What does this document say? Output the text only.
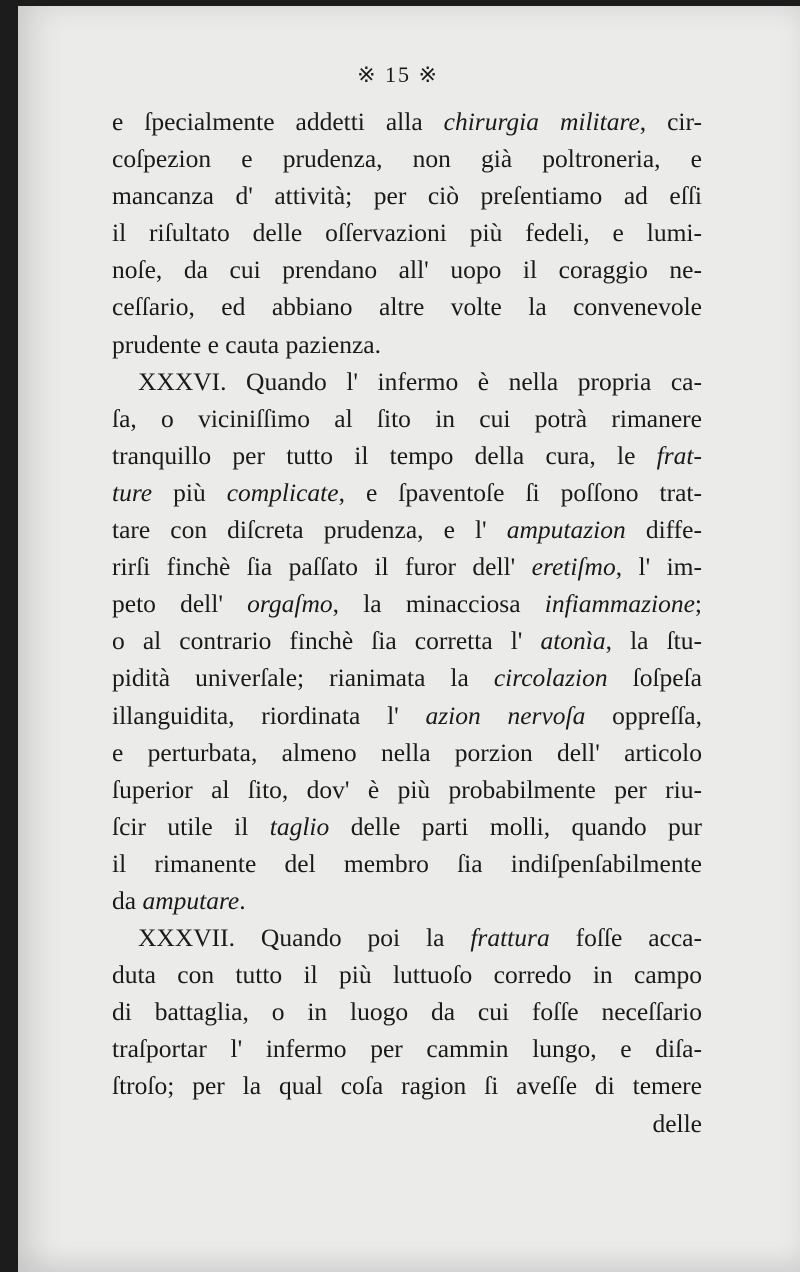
※ 15 ※
e ſpecialmente addetti alla chirurgia militare, cir-
coſpezion e prudenza, non già poltroneria, e
mancanza d' attività; per ciò preſentiamo ad eſſi
il riſultato delle oſſervazioni più fedeli, e lumi-
noſe, da cui prendano all' uopo il coraggio ne-
ceſſario, ed abbiano altre volte la convenevole
prudente e cauta pazienza.
XXXVI. Quando l' infermo è nella propria ca-
ſa, o viciniſſimo al ſito in cui potrà rimanere
tranquillo per tutto il tempo della cura, le frat-
ture più complicate, e ſpaventoſe ſi poſſono trat-
tare con diſcreta prudenza, e l' amputazion diffe-
rirſi finchè ſia paſſato il furor dell' eretiſmo, l' im-
peto dell' orgaſmo, la minacciosa infiammazione;
o al contrario finchè ſia corretta l' atonìa, la ſtu-
pidità univerſale; rianimata la circolazion ſoſpeſa
illanguidita, riordinata l' azion nervoſa oppreſſa,
e perturbata, almeno nella porzion dell' articolo
ſuperior al ſito, dov' è più probabilmente per riu-
ſcir utile il taglio delle parti molli, quando pur
il rimanente del membro ſia indiſpenſabilmente
da amputare.
XXXVII. Quando poi la frattura foſſe acca-
duta con tutto il più luttuoſo corredo in campo
di battaglia, o in luogo da cui foſſe neceſſario
traſportar l' infermo per cammin lungo, e diſa-
ſtroſo; per la qual coſa ragion ſi aveſſe di temere
delle
